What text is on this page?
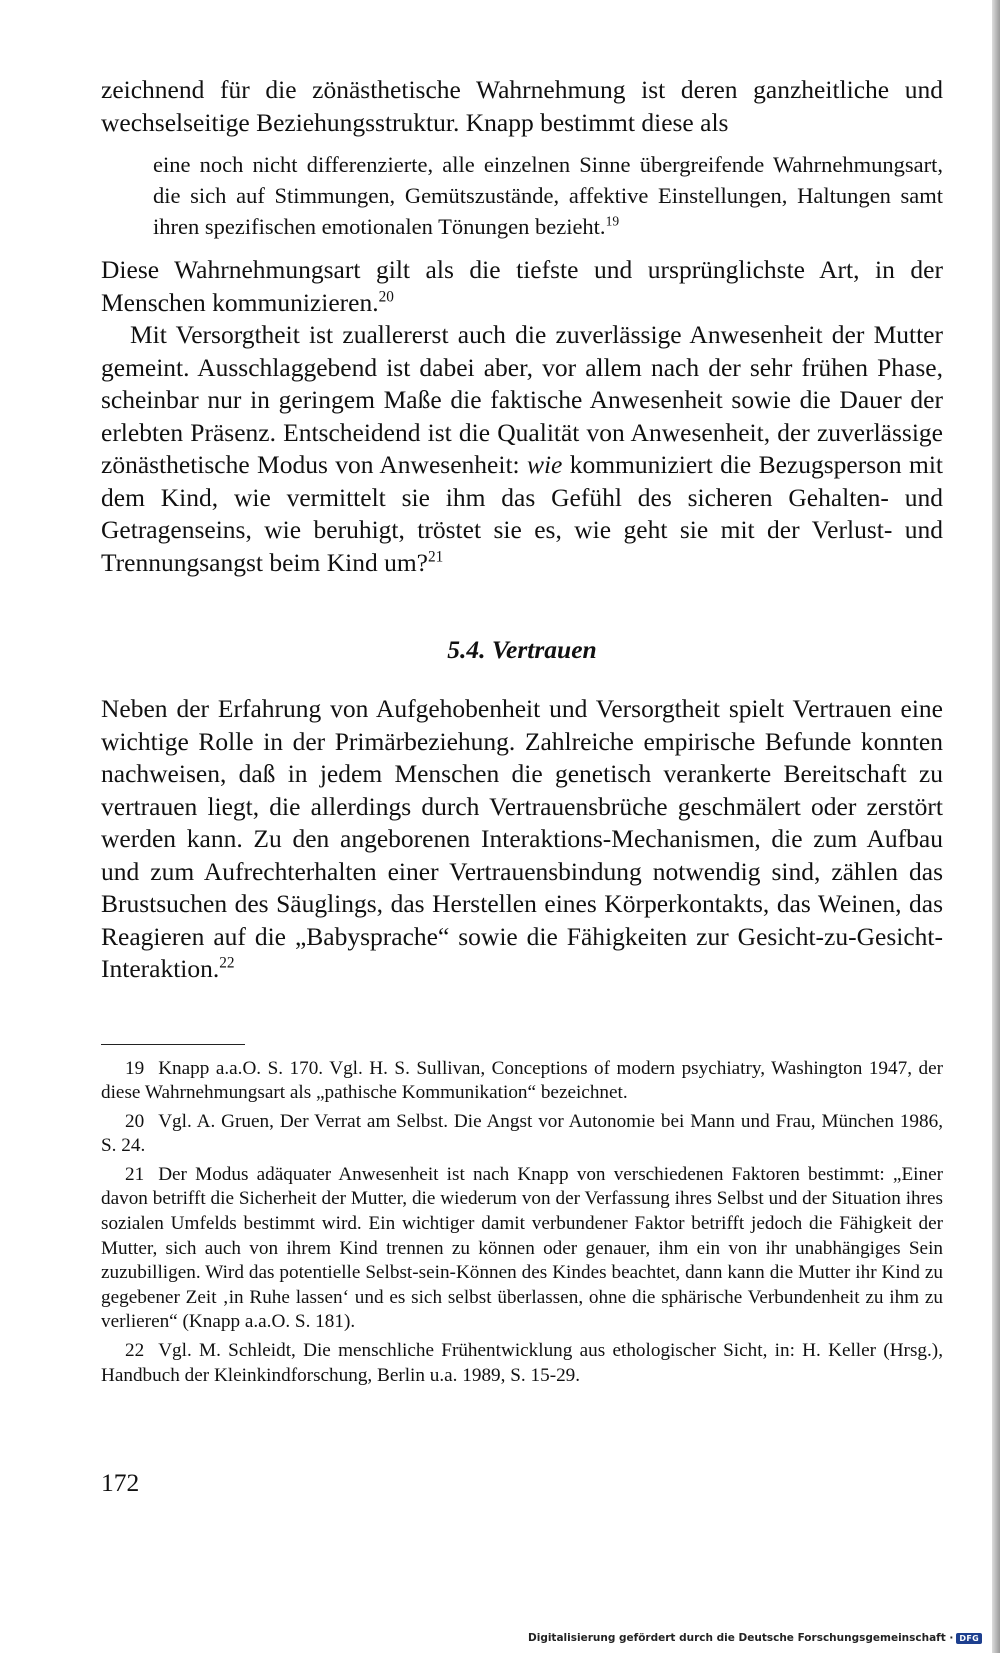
zeichnend für die zönästhetische Wahrnehmung ist deren ganzheitliche und wechselseitige Beziehungsstruktur. Knapp bestimmt diese als

eine noch nicht differenzierte, alle einzelnen Sinne übergreifende Wahrnehmungsart, die sich auf Stimmungen, Gemütszustände, affektive Einstellungen, Haltungen samt ihren spezifischen emotionalen Tönungen bezieht.$^{19}$

Diese Wahrnehmungsart gilt als die tiefste und ursprünglichste Art, in der Menschen kommunizieren.$^{20}$

Mit Versorgtheit ist zuallererst auch die zuverlässige Anwesenheit der Mutter gemeint. Ausschlaggebend ist dabei aber, vor allem nach der sehr frühen Phase, scheinbar nur in geringem Maße die faktische Anwesenheit sowie die Dauer der erlebten Präsenz. Entscheidend ist die Qualität von Anwesenheit, der zuverlässige zönästhetische Modus von Anwesenheit: wie kommuniziert die Bezugsperson mit dem Kind, wie vermittelt sie ihm das Gefühl des sicheren Gehalten- und Getragenseins, wie beruhigt, tröstet sie es, wie geht sie mit der Verlust- und Trennungsangst beim Kind um?$^{21}$

5.4. Vertrauen

Neben der Erfahrung von Aufgehobenheit und Versorgtheit spielt Vertrauen eine wichtige Rolle in der Primärbeziehung. Zahlreiche empirische Befunde konnten nachweisen, daß in jedem Menschen die genetisch verankerte Bereitschaft zu vertrauen liegt, die allerdings durch Vertrauensbrüche geschmälert oder zerstört werden kann. Zu den angeborenen Interaktions-Mechanismen, die zum Aufbau und zum Aufrechterhalten einer Vertrauensbindung notwendig sind, zählen das Brustsuchen des Säuglings, das Herstellen eines Körperkontakts, das Weinen, das Reagieren auf die „Babysprache“ sowie die Fähigkeiten zur Gesicht-zu-Gesicht-Interaktion.$^{22}$

19 Knapp a.a.O. S. 170. Vgl. H. S. Sullivan, Conceptions of modern psychiatry, Washington 1947, der diese Wahrnehmungsart als „pathische Kommunikation“ bezeichnet.

20 Vgl. A. Gruen, Der Verrat am Selbst. Die Angst vor Autonomie bei Mann und Frau, München 1986, S. 24.

21 Der Modus adäquater Anwesenheit ist nach Knapp von verschiedenen Faktoren bestimmt: „Einer davon betrifft die Sicherheit der Mutter, die wiederum von der Verfassung ihres Selbst und der Situation ihres sozialen Umfelds bestimmt wird. Ein wichtiger damit verbundener Faktor betrifft jedoch die Fähigkeit der Mutter, sich auch von ihrem Kind trennen zu können oder genauer, ihm ein von ihr unabhängiges Sein zuzubilligen. Wird das potentielle Selbst-sein-Können des Kindes beachtet, dann kann die Mutter ihr Kind zu gegebener Zeit ‚in Ruhe lassen‘ und es sich selbst überlassen, ohne die sphärische Verbundenheit zu ihm zu verlieren“ (Knapp a.a.O. S. 181).

22 Vgl. M. Schleidt, Die menschliche Frühentwicklung aus ethologischer Sicht, in: H. Keller (Hrsg.), Handbuch der Kleinkindforschung, Berlin u.a. 1989, S. 15-29.

172
Digitalisierung gefördert durch die Deutsche Forschungsgemeinschaft · DFG
